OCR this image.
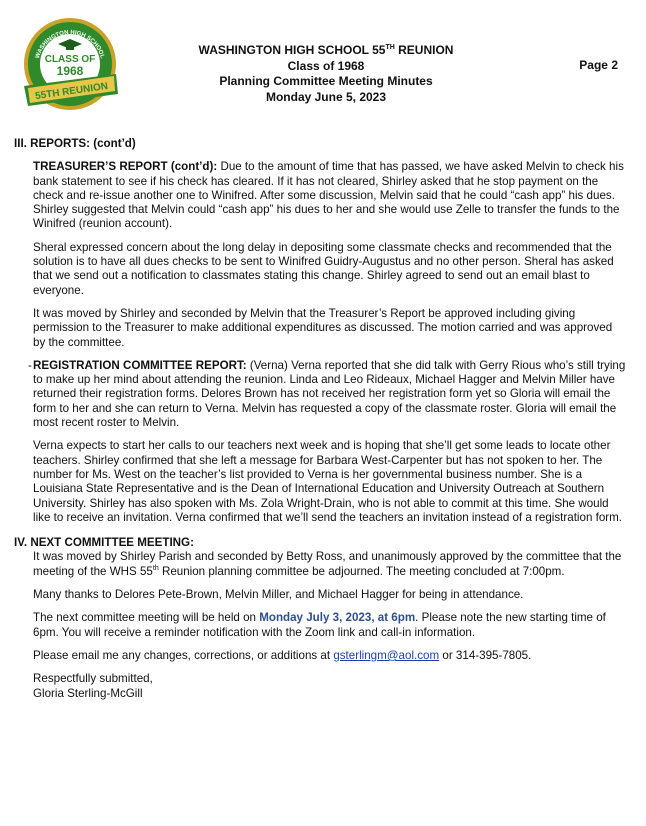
WASHINGTON HIGH SCHOOL
CLASS OF
1968
55TH REUNION
WASHINGTON HIGH SCHOOL 55TH REUNION
Class of 1968
Planning Committee Meeting Minutes
Monday June 5, 2023
Page 2

III. REPORTS: (cont’d)

TREASURER’S REPORT (cont’d): Due to the amount of time that has passed, we have asked Melvin to check his bank statement to see if his check has cleared. If it has not cleared, Shirley asked that he stop payment on the check and re-issue another one to Winifred. After some discussion, Melvin said that he could “cash app” his dues. Shirley suggested that Melvin could “cash app” his dues to her and she would use Zelle to transfer the funds to the Winifred (reunion account).

Sheral expressed concern about the long delay in depositing some classmate checks and recommended that the solution is to have all dues checks to be sent to Winifred Guidry-Augustus and no other person. Sheral has asked that we send out a notification to classmates stating this change. Shirley agreed to send out an email blast to everyone.

It was moved by Shirley and seconded by Melvin that the Treasurer’s Report be approved including giving permission to the Treasurer to make additional expenditures as discussed. The motion carried and was approved by the committee.

- REGISTRATION COMMITTEE REPORT: (Verna) Verna reported that she did talk with Gerry Rious who’s still trying to make up her mind about attending the reunion. Linda and Leo Rideaux, Michael Hagger and Melvin Miller have returned their registration forms. Delores Brown has not received her registration form yet so Gloria will email the form to her and she can return to Verna. Melvin has requested a copy of the classmate roster. Gloria will email the most recent roster to Melvin.

Verna expects to start her calls to our teachers next week and is hoping that she’ll get some leads to locate other teachers. Shirley confirmed that she left a message for Barbara West-Carpenter but has not spoken to her. The number for Ms. West on the teacher’s list provided to Verna is her governmental business number. She is a Louisiana State Representative and is the Dean of International Education and University Outreach at Southern University. Shirley has also spoken with Ms. Zola Wright-Drain, who is not able to commit at this time. She would like to receive an invitation. Verna confirmed that we’ll send the teachers an invitation instead of a registration form.

IV. NEXT COMMITTEE MEETING:

It was moved by Shirley Parish and seconded by Betty Ross, and unanimously approved by the committee that the meeting of the WHS 55th Reunion planning committee be adjourned. The meeting concluded at 7:00pm.

Many thanks to Delores Pete-Brown, Melvin Miller, and Michael Hagger for being in attendance.

The next committee meeting will be held on Monday July 3, 2023, at 6pm. Please note the new starting time of 6pm. You will receive a reminder notification with the Zoom link and call-in information.

Please email me any changes, corrections, or additions at gsterlingm@aol.com or 314-395-7805.

Respectfully submitted,

Gloria Sterling-McGill
